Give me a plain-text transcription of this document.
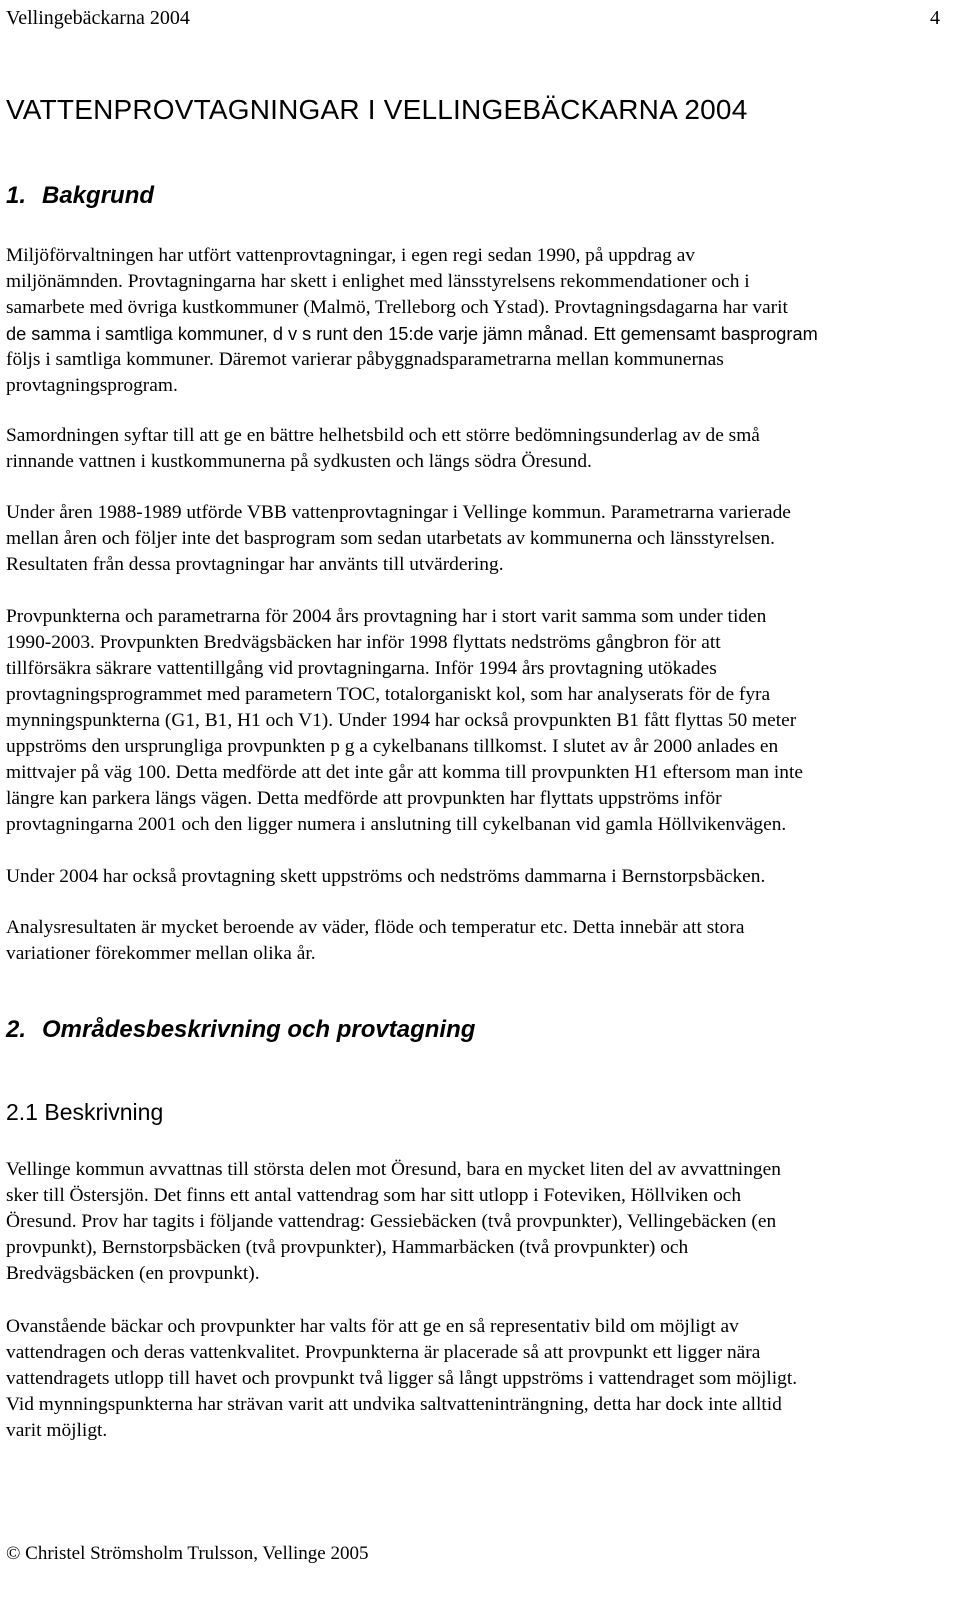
Vellingebäckarna 2004	4
VATTENPROVTAGNINGAR I VELLINGEBÄCKARNA 2004
1. Bakgrund

Miljöförvaltningen har utfört vattenprovtagningar, i egen regi sedan 1990, på uppdrag av
miljönämnden. Provtagningarna har skett i enlighet med länsstyrelsens rekommendationer och i
samarbete med övriga kustkommuner (Malmö, Trelleborg och Ystad). Provtagningsdagarna har varit
de samma i samtliga kommuner, d v s runt den 15:de varje jämn månad. Ett gemensamt basprogram
följs i samtliga kommuner. Däremot varierar påbyggnadsparametrarna mellan kommunernas
provtagningsprogram.

Samordningen syftar till att ge en bättre helhetsbild och ett större bedömningsunderlag av de små
rinnande vattnen i kustkommunerna på sydkusten och längs södra Öresund.

Under åren 1988-1989 utförde VBB vattenprovtagningar i Vellinge kommun. Parametrarna varierade
mellan åren och följer inte det basprogram som sedan utarbetats av kommunerna och länsstyrelsen.
Resultaten från dessa provtagningar har använts till utvärdering.

Provpunkterna och parametrarna för 2004 års provtagning har i stort varit samma som under tiden
1990-2003. Provpunkten Bredvägsbäcken har inför 1998 flyttats nedströms gångbron för att
tillförsäkra säkrare vattentillgång vid provtagningarna. Inför 1994 års provtagning utökades
provtagningsprogrammet med parametern TOC, totalorganiskt kol, som har analyserats för de fyra
mynningspunkterna (G1, B1, H1 och V1). Under 1994 har också provpunkten B1 fått flyttas 50 meter
uppströms den ursprungliga provpunkten p g a cykelbanans tillkomst. I slutet av år 2000 anlades en
mittvajer på väg 100. Detta medförde att det inte går att komma till provpunkten H1 eftersom man inte
längre kan parkera längs vägen. Detta medförde att provpunkten har flyttats uppströms inför
provtagningarna 2001 och den ligger numera i anslutning till cykelbanan vid gamla Höllvikenvägen.

Under 2004 har också provtagning skett uppströms och nedströms dammarna i Bernstorpsbäcken.

Analysresultaten är mycket beroende av väder, flöde och temperatur etc. Detta innebär att stora
variationer förekommer mellan olika år.

2. Områdesbeskrivning och provtagning
2.1 Beskrivning

Vellinge kommun avvattnas till största delen mot Öresund, bara en mycket liten del av avvattningen
sker till Östersjön. Det finns ett antal vattendrag som har sitt utlopp i Foteviken, Höllviken och
Öresund. Prov har tagits i följande vattendrag: Gessiebäcken (två provpunkter), Vellingebäcken (en
provpunkt), Bernstorpsbäcken (två provpunkter), Hammarbäcken (två provpunkter) och
Bredvägsbäcken (en provpunkt).

Ovanstående bäckar och provpunkter har valts för att ge en så representativ bild om möjligt av
vattendragen och deras vattenkvalitet. Provpunkterna är placerade så att provpunkt ett ligger nära
vattendragets utlopp till havet och provpunkt två ligger så långt uppströms i vattendraget som möjligt.
Vid mynningspunkterna har strävan varit att undvika saltvatteninträngning, detta har dock inte alltid
varit möjligt.

© Christel Strömsholm Trulsson, Vellinge 2005
